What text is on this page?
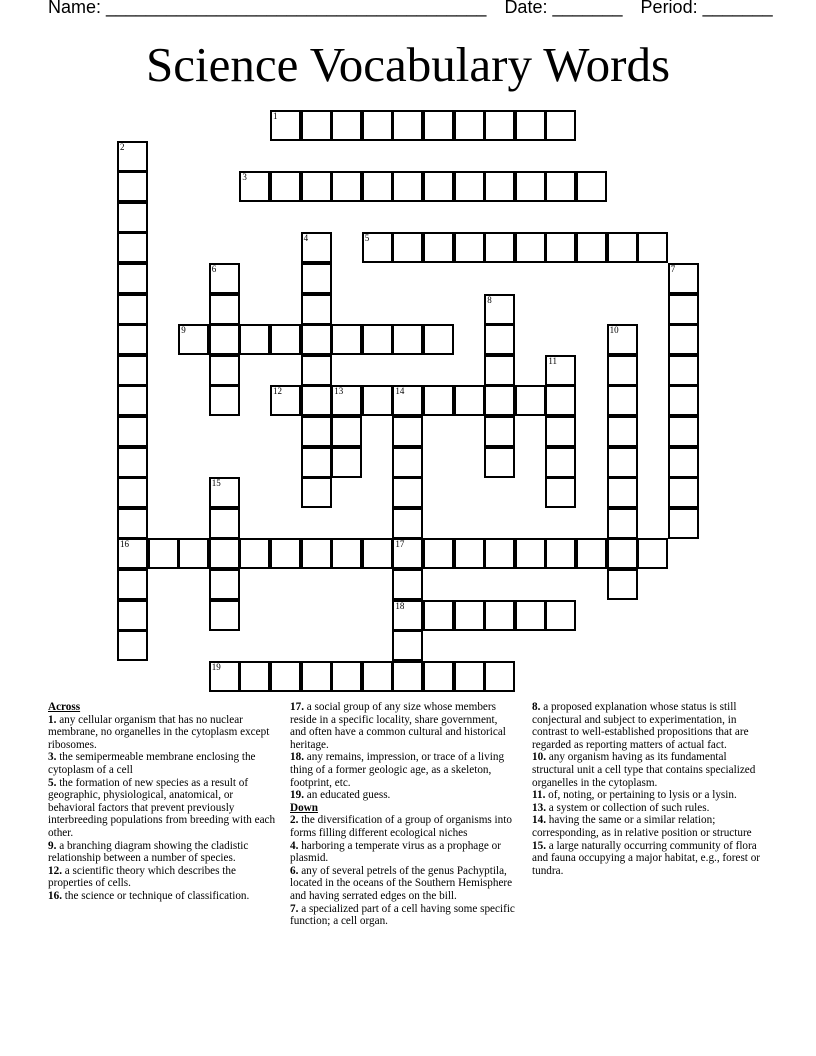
Name: ______________________________________ Date: _______ Period: _______
Science Vocabulary Words
1
2
16
3
4	5
6	7
8
9	10
11
12	13	14
17
18
15
19
Across
1. any cellular organism that has no nuclear membrane, no organelles in the cytoplasm except ribosomes.
3. the semipermeable membrane enclosing the cytoplasm of a cell
5. the formation of new species as a result of geographic, physiological, anatomical, or behavioral factors that prevent previously interbreeding populations from breeding with each other.
9. a branching diagram showing the cladistic relationship between a number of species.
12. a scientific theory which describes the properties of cells.
16. the science or technique of classification.
17. a social group of any size whose members reside in a specific locality, share government, and often have a common cultural and historical heritage.
18. any remains, impression, or trace of a living thing of a former geologic age, as a skeleton, footprint, etc.
19. an educated guess.
Down
2. the diversification of a group of organisms into forms filling different ecological niches
4. harboring a temperate virus as a prophage or plasmid.
6. any of several petrels of the genus Pachyptila, located in the oceans of the Southern Hemisphere and having serrated edges on the bill.
7. a specialized part of a cell having some specific function; a cell organ.
8. a proposed explanation whose status is still conjectural and subject to experimentation, in contrast to well-established propositions that are regarded as reporting matters of actual fact.
10. any organism having as its fundamental structural unit a cell type that contains specialized organelles in the cytoplasm.
11. of, noting, or pertaining to lysis or a lysin.
13. a system or collection of such rules.
14. having the same or a similar relation; corresponding, as in relative position or structure
15. a large naturally occurring community of flora and fauna occupying a major habitat, e.g., forest or tundra.
